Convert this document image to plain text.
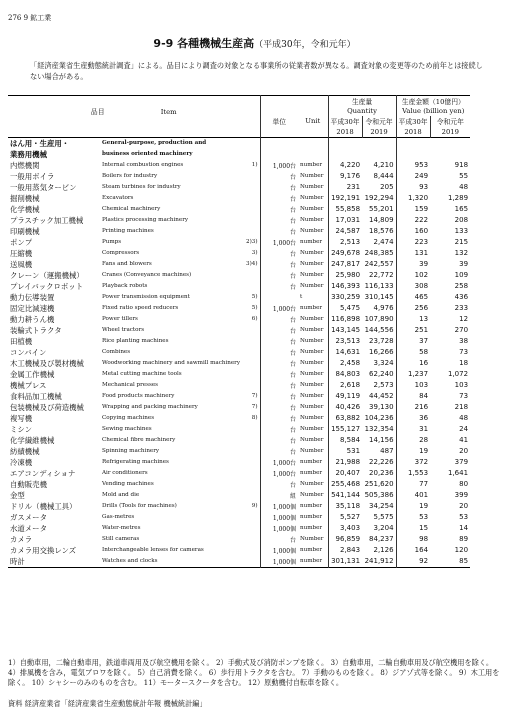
276 9 鉱工業
9-9 各種機械生産高（平成30年，令和元年）
「経済産業省生産動態統計調査」による。品目により調査の対象となる事業所の従業者数が異なる。調査対象の変更等のため前年とは接続しない場合がある。
品目 Item					生産量		生産金額（10億円）	
					Quantity		Value (billion yen)	
			単位	Unit	平成30年	令和元年	平成30年	令和元年
					2018	2019	2018	2019
はん用・生産用・	General-purpose, production and							
業務用機械	business oriented machinery							
内燃機関	Internal combustion engines	1)	1,000台	number	4,220	4,210	953	918
一般用ボイラ	Boilers for industry		台	Number	9,176	8,444	249	55
一般用蒸気タービン	Steam turbines for industry		台	Number	231	205	93	48
掘削機械	Excavators		台	Number	192,191	192,294	1,320	1,289
化学機械	Chemical machinery		台	Number	55,858	55,201	159	165
プラスチック加工機械	Plastics processing machinery		台	Number	17,031	14,809	222	208
印刷機械	Printing machines		台	Number	24,587	18,576	160	133
ポンプ	Pumps	2)3)	1,000台	number	2,513	2,474	223	215
圧縮機	Compressors	3)	台	Number	249,678	248,385	131	132
送風機	Fans and blowers	3)4)	台	Number	247,817	242,557	39	39
クレーン（運搬機械）	Cranes (Conveyance machines)		台	Number	25,980	22,772	102	109
プレイバックロボット	Playback robots		台	Number	146,393	116,133	308	258
動力伝導装置	Power transmission equipment	5)		t	330,259	310,145	465	436
固定比減速機	Fixed ratio speed reducers	5)	1,000台	number	5,475	4,976	256	233
動力耕うん機	Power tillers	6)	台	Number	116,898	107,890	13	12
装輪式トラクタ	Wheel tractors		台	Number	143,145	144,556	251	270
田植機	Rice planting machines		台	Number	23,513	23,728	37	38
コンバイン	Combines		台	Number	14,631	16,266	58	73
木工機械及び製材機械	Woodworking machinery and sawmill machinery		台	Number	2,458	3,324	16	18
金属工作機械	Metal cutting machine tools		台	Number	84,803	62,240	1,237	1,072
機械プレス	Mechanical presses		台	Number	2,618	2,573	103	103
食料品加工機械	Food products machinery	7)	台	Number	49,119	44,452	84	73
包装機械及び荷造機械	Wrapping and packing machinery	7)	台	Number	40,426	39,130	216	218
複写機	Copying machines	8)	台	Number	63,882	104,236	36	48
ミシン	Sewing machines		台	Number	155,127	132,354	31	24
化学繊維機械	Chemical fibre machinery		台	Number	8,584	14,156	28	41
紡績機械	Spinning machinery		台	Number	531	487	19	20
冷凍機	Refrigerating machines		1,000台	number	21,988	22,226	372	379
エアコンディショナ	Air conditioners		1,000台	number	20,407	20,236	1,553	1,641
自動販売機	Vending machines		台	Number	255,468	251,620	77	80
金型	Mold and die		組	Number	541,144	505,386	401	399
ドリル（機械工具）	Drills (Tools for machines)	9)	1,000個	number	35,118	34,254	19	20
ガスメータ	Gas-metres		1,000個	number	5,527	5,575	53	53
水道メータ	Water-metres		1,000個	number	3,403	3,204	15	14
カメラ	Still cameras		台	Number	96,859	84,237	98	89
カメラ用交換レンズ	Interchangeable lenses for cameras		1,000個	number	2,843	2,126	164	120
時計	Watches and clocks		1,000個	number	301,131	241,912	92	85
1）自動車用，二輪自動車用，鉄道車両用及び航空機用を除く。 2）手動式及び消防ポンプを除く。 3）自動車用，二輪自動車用及び航空機用を除く。 4）排風機を含み，電気ブロワを除く。 5）自己消費を除く。 6）歩行用トラクタを含む。 7）手動のものを除く。 8）ジアゾ式等を除く。 9）木工用を除く。 10）シャシーのみのものを含む。 11）モータースクータを含む。 12）原動機付自転車を除く。
資料 経済産業省「経済産業省生産動態統計年報 機械統計編」
